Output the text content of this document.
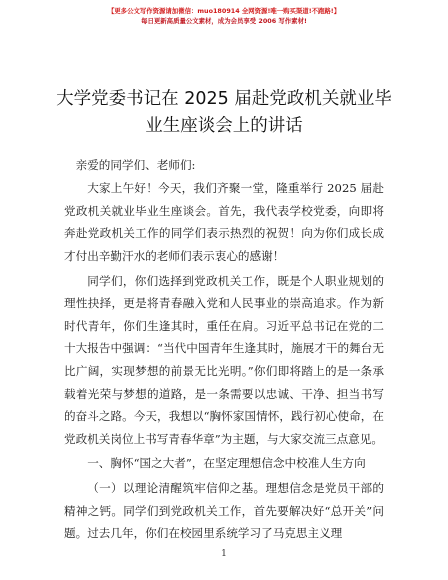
【更多公文写作资源请加微信：muo180914 全网资源!唯一购买渠道!不跑路!】
每日更新高质量公文素材，成为会员享受 2006 写作素材!
大学党委书记在 2025 届赴党政机关就业毕业生座谈会上的讲话

亲爱的同学们、老师们:

大家上午好！今天，我们齐聚一堂，隆重举行 2025 届赴党政机关就业毕业生座谈会。首先，我代表学校党委，向即将奔赴党政机关工作的同学们表示热烈的祝贺！向为你们成长成才付出辛勤汗水的老师们表示衷心的感谢！

同学们，你们选择到党政机关工作，既是个人职业规划的理性抉择，更是将青春融入党和人民事业的崇高追求。作为新时代青年，你们生逢其时，重任在肩。习近平总书记在党的二十大报告中强调：“当代中国青年生逢其时，施展才干的舞台无比广阔，实现梦想的前景无比光明。”你们即将踏上的是一条承载着光荣与梦想的道路，是一条需要以忠诚、干净、担当书写的奋斗之路。今天，我想以“胸怀家国情怀，践行初心使命，在党政机关岗位上书写青春华章”为主题，与大家交流三点意见。

一、胸怀“国之大者”，在坚定理想信念中校准人生方向

（一）以理论清醒筑牢信仰之基。理想信念是党员干部的精神之钙。同学们到党政机关工作，首先要解决好“总开关”问题。过去几年，你们在校园里系统学习了马克思主义理

1
